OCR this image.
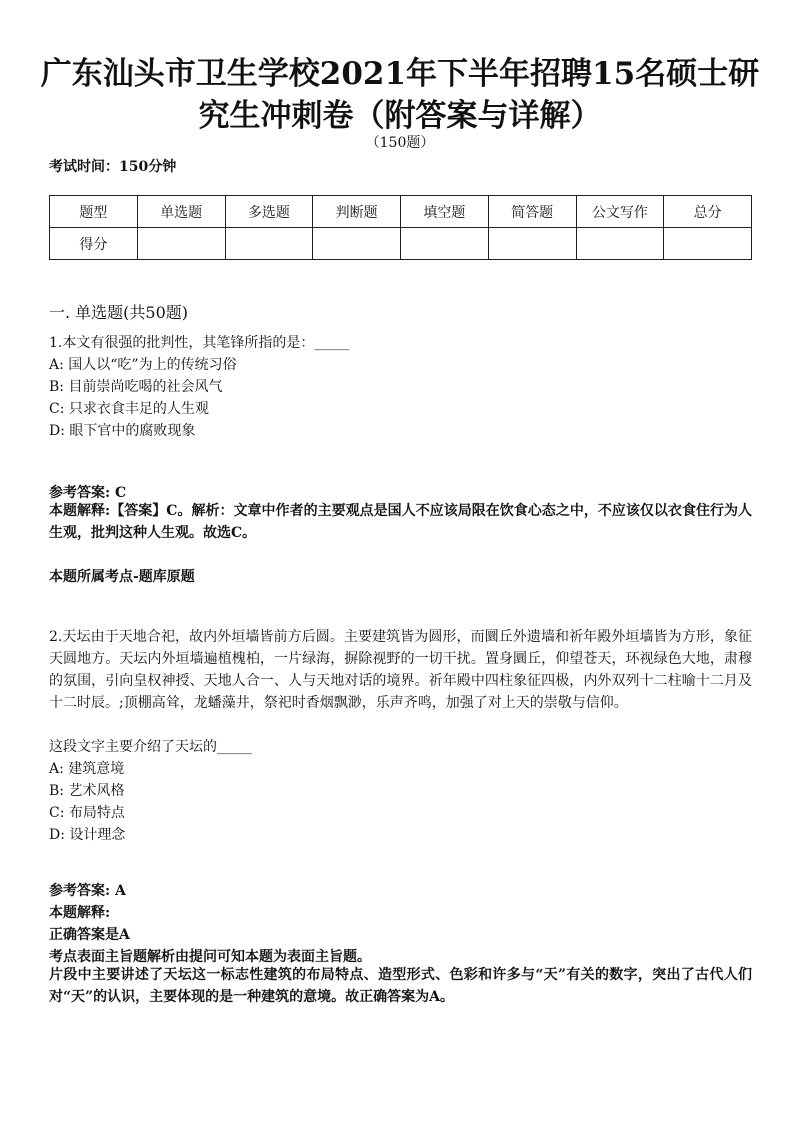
广东汕头市卫生学校2021年下半年招聘15名硕士研
究生冲刺卷（附答案与详解）
（150题）
考试时间：150分钟
题型	单选题	多选题	判断题	填空题	简答题	公文写作	总分
得分							
一. 单选题(共50题)
1.本文有很强的批判性，其笔锋所指的是：_____
A: 国人以“吃”为上的传统习俗
B: 目前崇尚吃喝的社会风气
C: 只求衣食丰足的人生观
D: 眼下官中的腐败现象
参考答案: C
本题解释:【答案】C。解析：文章中作者的主要观点是国人不应该局限在饮食心态之中，不应该仅以衣食住行为人生观，批判这种人生观。故选C。
本题所属考点-题库原题
2.天坛由于天地合祀，故内外垣墙皆前方后圆。主要建筑皆为圆形，而圜丘外遗墙和祈年殿外垣墙皆为方形，象征天圆地方。天坛内外垣墙遍植槐柏，一片绿海，摒除视野的一切干扰。置身圜丘，仰望苍天，环视绿色大地，肃穆的氛围，引向皇权神授、天地人合一、人与天地对话的境界。祈年殿中四柱象征四极，内外双列十二柱喻十二月及十二时辰。;顶棚高耸，龙蟠藻井，祭祀时香烟飘渺，乐声齐鸣，加强了对上天的崇敬与信仰。
这段文字主要介绍了天坛的_____
A: 建筑意境
B: 艺术风格
C: 布局特点
D: 设计理念
参考答案: A
本题解释:
正确答案是A
考点表面主旨题解析由提问可知本题为表面主旨题。
片段中主要讲述了天坛这一标志性建筑的布局特点、造型形式、色彩和许多与“天”有关的数字，突出了古代人们对“天”的认识，主要体现的是一种建筑的意境。故正确答案为A。
